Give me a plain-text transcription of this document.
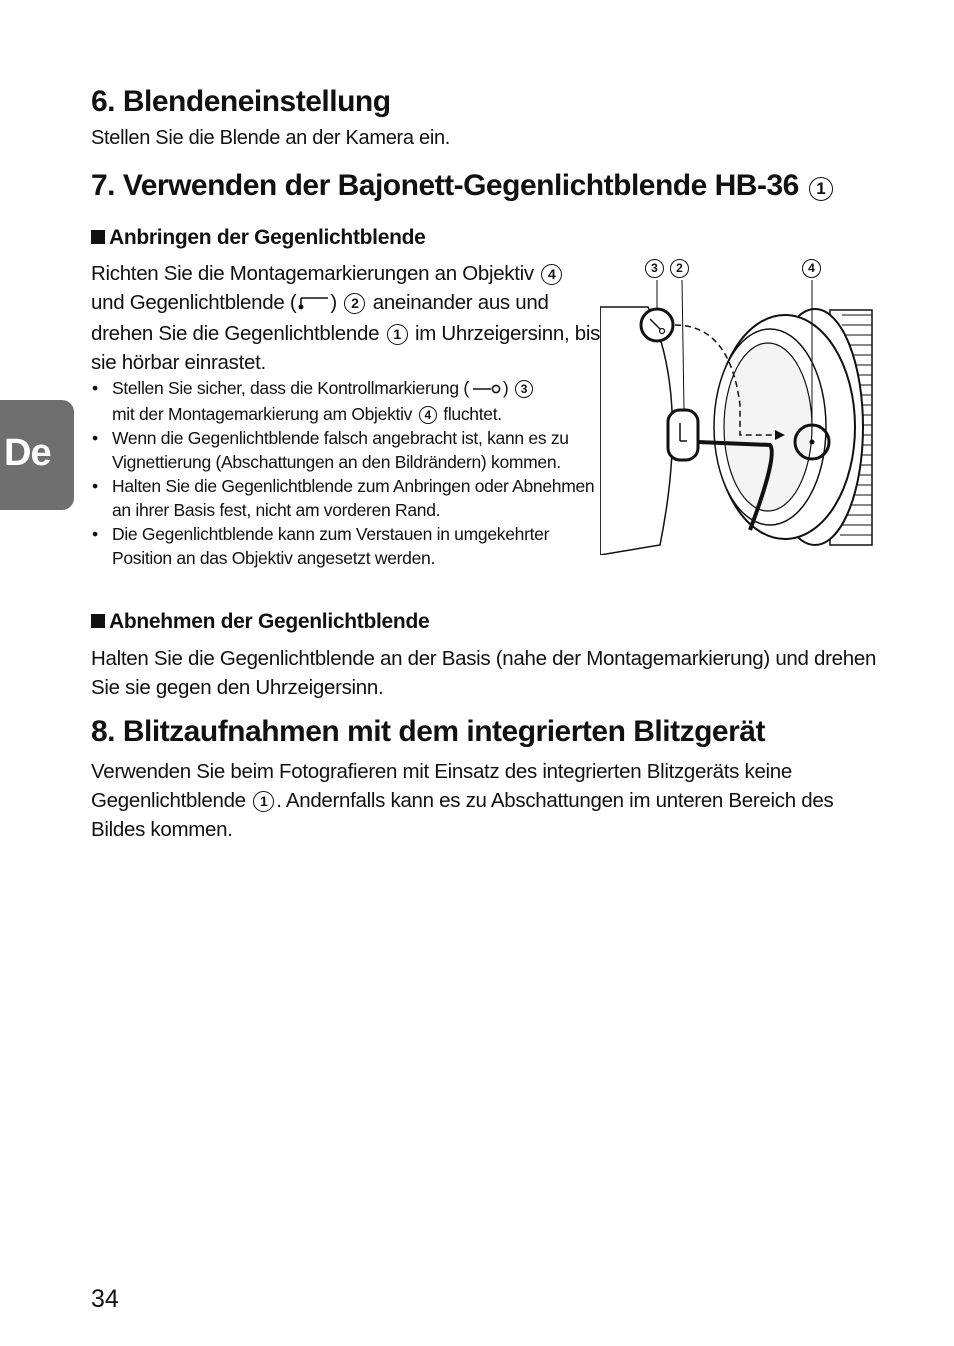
De
6. Blendeneinstellung

Stellen Sie die Blende an der Kamera ein.

7. Verwenden der Bajonett-Gegenlichtblende HB-36 1
Anbringen der Gegenlichtblende

Richten Sie die Montagemarkierungen an Objektiv 4 und Gegenlichtblende ( ) 2 aneinander aus und drehen Sie die Gegenlichtblende 1 im Uhrzeigersinn, bis sie hörbar einrastet.

• Stellen Sie sicher, dass die Kontrollmarkierung ( ) 3
mit der Montagemarkierung am Objektiv 4 fluchtet.
• Wenn die Gegenlichtblende falsch angebracht ist, kann es zu Vignettierung (Abschattungen an den Bildrändern) kommen.
• Halten Sie die Gegenlichtblende zum Anbringen oder Abnehmen an ihrer Basis fest, nicht am vorderen Rand.
• Die Gegenlichtblende kann zum Verstauen in umgekehrter Position an das Objektiv angesetzt werden.
Abnehmen der Gegenlichtblende

Halten Sie die Gegenlichtblende an der Basis (nahe der Montagemarkierung) und drehen Sie sie gegen den Uhrzeigersinn.

8. Blitzaufnahmen mit dem integrierten Blitzgerät

Verwenden Sie beim Fotografieren mit Einsatz des integrierten Blitzgeräts keine Gegenlichtblende 1 . Andernfalls kann es zu Abschattungen im unteren Bereich des Bildes kommen.

3	2	4

34
